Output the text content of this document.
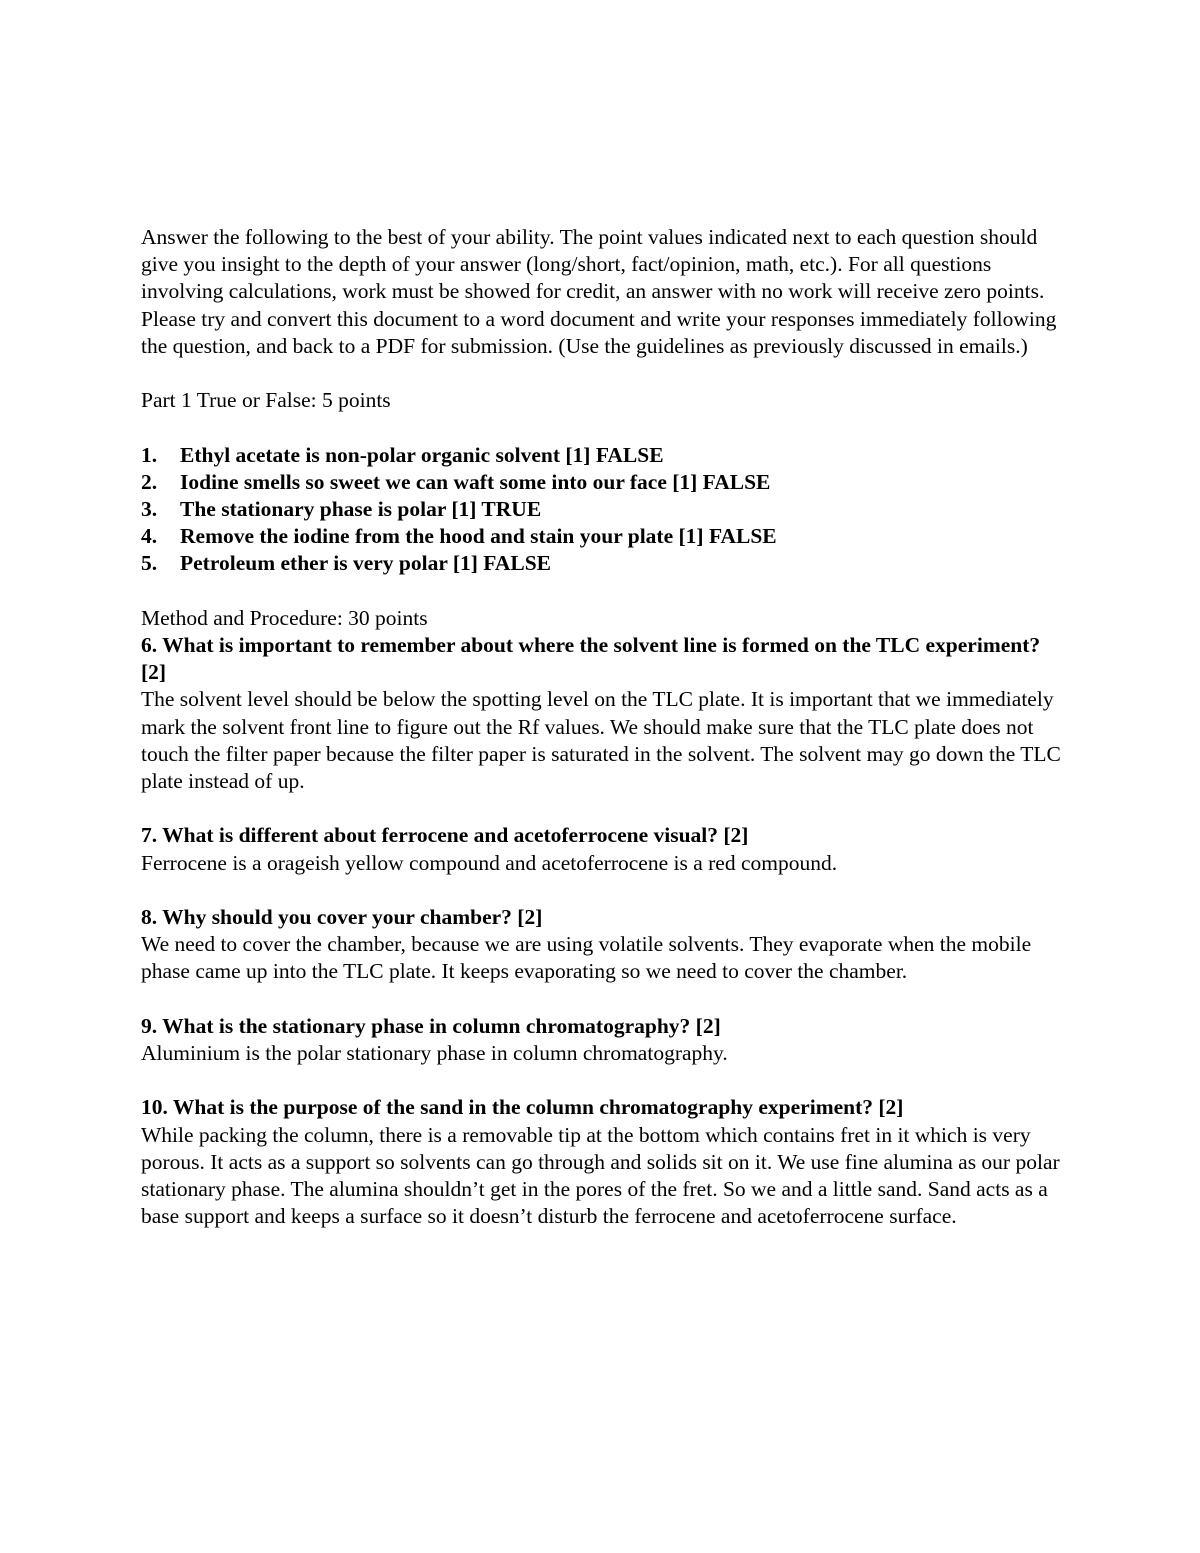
Answer the following to the best of your ability. The point values indicated next to each question should give you insight to the depth of your answer (long/short, fact/opinion, math, etc.). For all questions involving calculations, work must be showed for credit, an answer with no work will receive zero points. Please try and convert this document to a word document and write your responses immediately following the question, and back to a PDF for submission. (Use the guidelines as previously discussed in emails.)

Part 1 True or False: 5 points

1.	Ethyl acetate is non-polar organic solvent [1] FALSE
2.	Iodine smells so sweet we can waft some into our face [1] FALSE
3.	The stationary phase is polar [1] TRUE
4.	Remove the iodine from the hood and stain your plate [1] FALSE
5.	Petroleum ether is very polar [1] FALSE

Method and Procedure: 30 points

6. What is important to remember about where the solvent line is formed on the TLC experiment? [2]

The solvent level should be below the spotting level on the TLC plate. It is important that we immediately mark the solvent front line to figure out the Rf values. We should make sure that the TLC plate does not touch the filter paper because the filter paper is saturated in the solvent. The solvent may go down the TLC plate instead of up.

7. What is different about ferrocene and acetoferrocene visual? [2]

Ferrocene is a orageish yellow compound and acetoferrocene is a red compound.

8. Why should you cover your chamber? [2]

We need to cover the chamber, because we are using volatile solvents. They evaporate when the mobile phase came up into the TLC plate. It keeps evaporating so we need to cover the chamber.

9. What is the stationary phase in column chromatography? [2]

Aluminium is the polar stationary phase in column chromatography.

10. What is the purpose of the sand in the column chromatography experiment? [2]

While packing the column, there is a removable tip at the bottom which contains fret in it which is very porous. It acts as a support so solvents can go through and solids sit on it. We use fine alumina as our polar stationary phase. The alumina shouldn’t get in the pores of the fret. So we and a little sand. Sand acts as a base support and keeps a surface so it doesn’t disturb the ferrocene and acetoferrocene surface.
